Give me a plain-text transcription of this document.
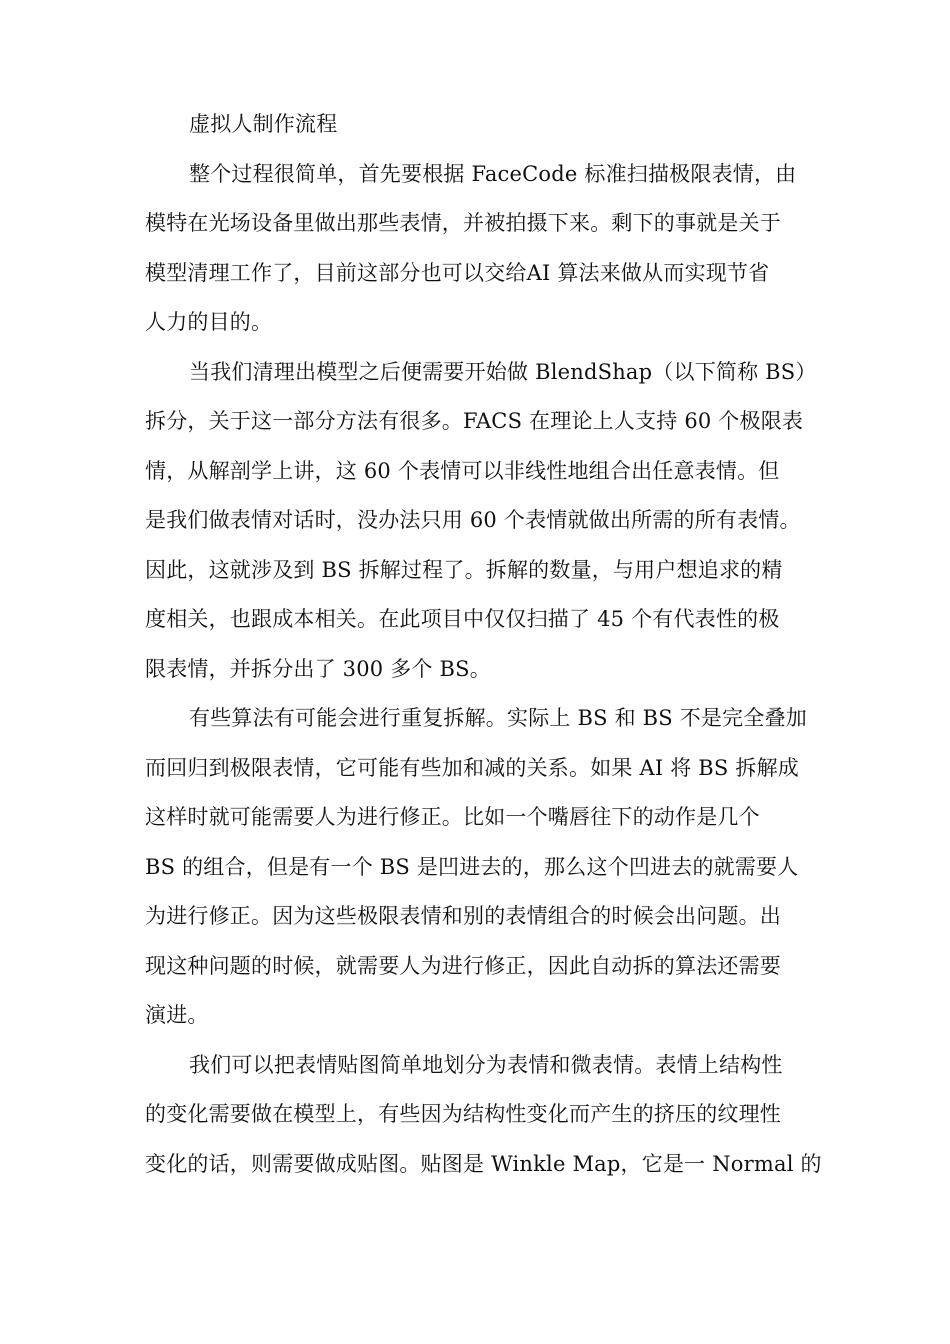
虚拟人制作流程
整个过程很简单，首先要根据 FaceCode 标准扫描极限表情，由
模特在光场设备里做出那些表情，并被拍摄下来。剩下的事就是关于
模型清理工作了，目前这部分也可以交给AI 算法来做从而实现节省
人力的目的。
当我们清理出模型之后便需要开始做 BlendShap（以下简称 BS）
拆分，关于这一部分方法有很多。FACS 在理论上人支持 60 个极限表
情，从解剖学上讲，这 60 个表情可以非线性地组合出任意表情。但
是我们做表情对话时，没办法只用 60 个表情就做出所需的所有表情。
因此，这就涉及到 BS 拆解过程了。拆解的数量，与用户想追求的精
度相关，也跟成本相关。在此项目中仅仅扫描了 45 个有代表性的极
限表情，并拆分出了 300 多个 BS。
有些算法有可能会进行重复拆解。实际上 BS 和 BS 不是完全叠加
而回归到极限表情，它可能有些加和减的关系。如果 AI 将 BS 拆解成
这样时就可能需要人为进行修正。比如一个嘴唇往下的动作是几个
BS 的组合，但是有一个 BS 是凹进去的，那么这个凹进去的就需要人
为进行修正。因为这些极限表情和别的表情组合的时候会出问题。出
现这种问题的时候，就需要人为进行修正，因此自动拆的算法还需要
演进。
我们可以把表情贴图简单地划分为表情和微表情。表情上结构性
的变化需要做在模型上，有些因为结构性变化而产生的挤压的纹理性
变化的话，则需要做成贴图。贴图是 Winkle Map，它是一 Normal 的
